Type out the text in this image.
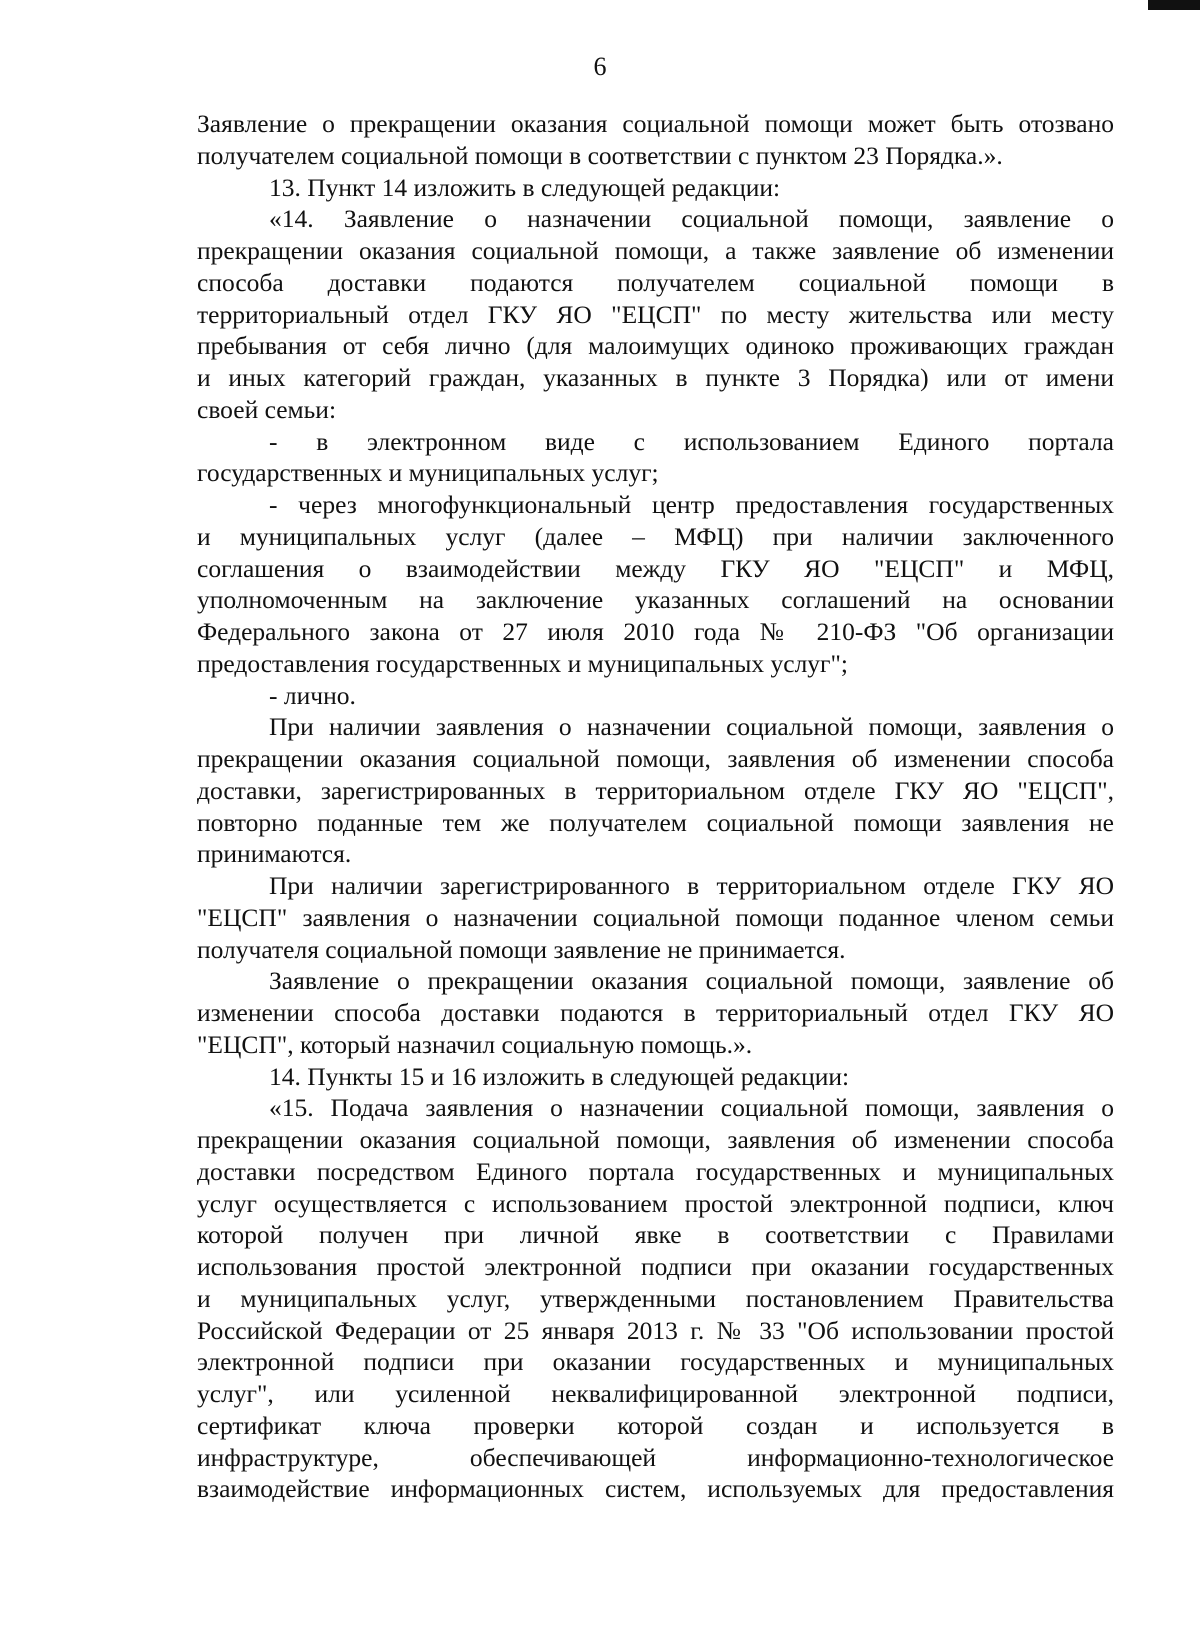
6
Заявление о прекращении оказания социальной помощи может быть отозвано
получателем социальной помощи в соответствии с пунктом 23 Порядка.».
13. Пункт 14 изложить в следующей редакции:
«14. Заявление о назначении социальной помощи, заявление о
прекращении оказания социальной помощи, а также заявление об изменении
способа доставки подаются получателем социальной помощи в
территориальный отдел ГКУ ЯО "ЕЦСП" по месту жительства или месту
пребывания от себя лично (для малоимущих одиноко проживающих граждан
и иных категорий граждан, указанных в пункте 3 Порядка) или от имени
своей семьи:
- в электронном виде с использованием Единого портала
государственных и муниципальных услуг;
- через многофункциональный центр предоставления государственных
и муниципальных услуг (далее – МФЦ) при наличии заключенного
соглашения о взаимодействии между ГКУ ЯО "ЕЦСП" и МФЦ,
уполномоченным на заключение указанных соглашений на основании
Федерального закона от 27 июля 2010 года № 210-ФЗ "Об организации
предоставления государственных и муниципальных услуг";
- лично.
При наличии заявления о назначении социальной помощи, заявления о
прекращении оказания социальной помощи, заявления об изменении способа
доставки, зарегистрированных в территориальном отделе ГКУ ЯО "ЕЦСП",
повторно поданные тем же получателем социальной помощи заявления не
принимаются.
При наличии зарегистрированного в территориальном отделе ГКУ ЯО
"ЕЦСП" заявления о назначении социальной помощи поданное членом семьи
получателя социальной помощи заявление не принимается.
Заявление о прекращении оказания социальной помощи, заявление об
изменении способа доставки подаются в территориальный отдел ГКУ ЯО
"ЕЦСП", который назначил социальную помощь.».
14. Пункты 15 и 16 изложить в следующей редакции:
«15. Подача заявления о назначении социальной помощи, заявления о
прекращении оказания социальной помощи, заявления об изменении способа
доставки посредством Единого портала государственных и муниципальных
услуг осуществляется с использованием простой электронной подписи, ключ
которой получен при личной явке в соответствии с Правилами
использования простой электронной подписи при оказании государственных
и муниципальных услуг, утвержденными постановлением Правительства
Российской Федерации от 25 января 2013 г. № 33 "Об использовании простой
электронной подписи при оказании государственных и муниципальных
услуг", или усиленной неквалифицированной электронной подписи,
сертификат ключа проверки которой создан и используется в
инфраструктуре, обеспечивающей информационно-технологическое
взаимодействие информационных систем, используемых для предоставления
